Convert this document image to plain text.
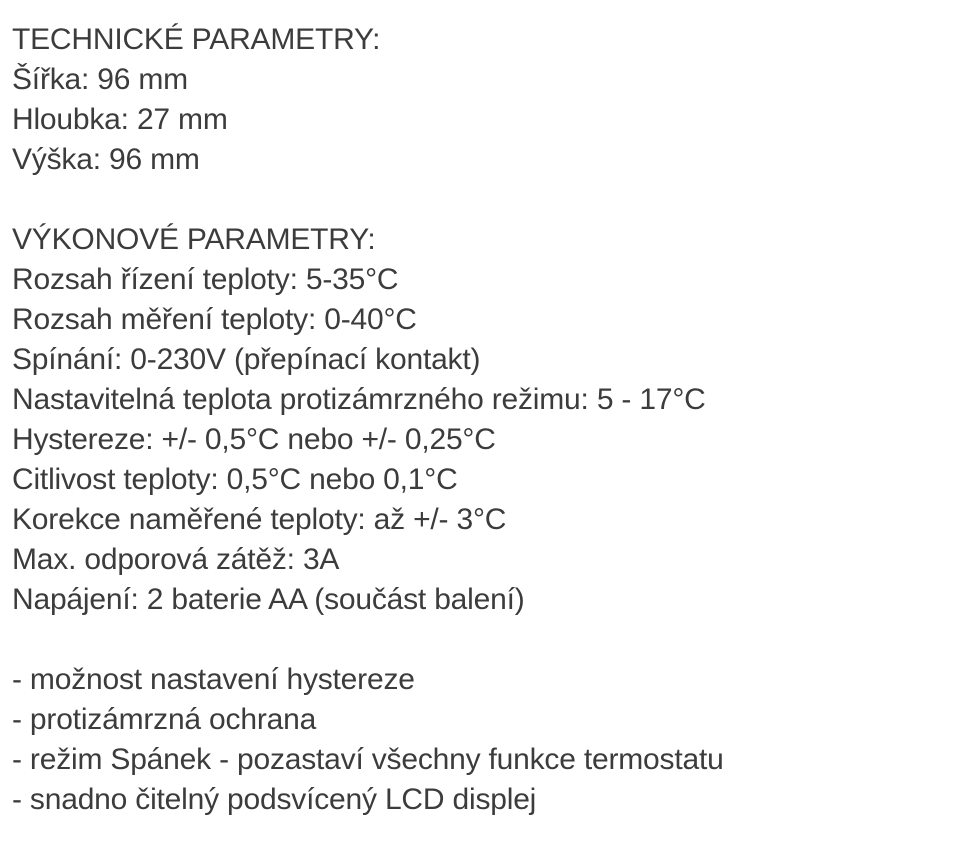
TECHNICKÉ PARAMETRY:
Šířka: 96 mm
Hloubka: 27 mm
Výška: 96 mm
VÝKONOVÉ PARAMETRY:
Rozsah řízení teploty: 5-35°C
Rozsah měření teploty: 0-40°C
Spínání: 0-230V (přepínací kontakt)
Nastavitelná teplota protizámrzného režimu: 5 - 17°C
Hystereze: +/- 0,5°C nebo +/- 0,25°C
Citlivost teploty: 0,5°C nebo 0,1°C
Korekce naměřené teploty: až +/- 3°C
Max. odporová zátěž: 3A
Napájení: 2 baterie AA (součást balení)
- možnost nastavení hystereze
- protizámrzná ochrana
- režim Spánek - pozastaví všechny funkce termostatu
- snadno čitelný podsvícený LCD displej
